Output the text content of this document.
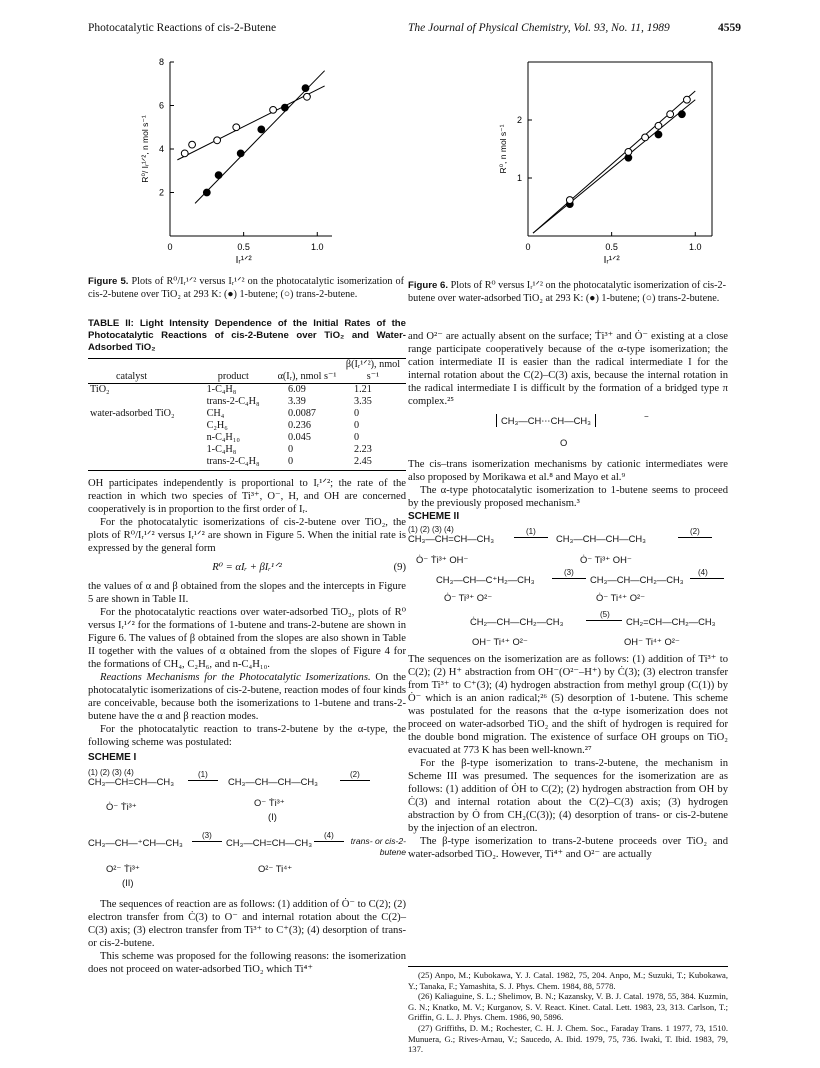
Photocatalytic Reactions of cis-2-Butene	The Journal of Physical Chemistry, Vol. 93, No. 11, 1989	4559
8
6
4
2
0	0.5	1.0
R⁰/ Iᵣ¹ᐟ², n mol s⁻¹
Iᵣ¹ᐟ²
Figure 5. Plots of R⁰/Iᵣ¹ᐟ² versus Iᵣ¹ᐟ² on the photocatalytic isomerization of cis-2-butene over TiO₂ at 293 K: (●) 1-butene; (○) trans-2-butene.
2
1
0	0.5	1.0
R⁰, n mol s⁻¹
Iᵣ¹ᐟ²
Figure 6. Plots of R⁰ versus Iᵣ¹ᐟ² on the photocatalytic isomerization of cis-2-butene over water-adsorbed TiO₂ at 293 K: (●) 1-butene; (○) trans-2-butene.
TABLE II: Light Intensity Dependence of the Initial Rates of the Photocatalytic Reactions of cis-2-Butene over TiO₂ and Water-Adsorbed TiO₂
catalyst	product	α(Iᵣ), nmol s⁻¹	β(Iᵣ¹ᐟ²), nmol s⁻¹
TiO₂	1-C₄H₈	6.09	1.21
	trans-2-C₄H₈	3.39	3.35
water-adsorbed TiO₂	CH₄	0.0087	0
	C₂H₆	0.236	0
	n-C₄H₁₀	0.045	0
	1-C₄H₈	0	2.23
	trans-2-C₄H₈	0	2.45

OH participates independently is proportional to Iᵣ¹ᐟ²; the rate of the reaction in which two species of Ti³⁺, O⁻, H, and OH are concerned cooperatively is in proportion to the first order of Iᵣ.

For the photocatalytic isomerizations of cis-2-butene over TiO₂, the plots of R⁰/Iᵣ¹ᐟ² versus Iᵣ¹ᐟ² are shown in Figure 5. When the initial rate is expressed by the general form

R⁰ = αIᵣ + βIᵣ¹ᐟ²	(9)

the values of α and β obtained from the slopes and the intercepts in Figure 5 are shown in Table II.

For the photocatalytic reactions over water-adsorbed TiO₂, plots of R⁰ versus Iᵣ¹ᐟ² for the formations of 1-butene and trans-2-butene are shown in Figure 6. The values of β obtained from the slopes are also shown in Table II together with the values of α obtained from the slopes of Figure 4 for the formations of CH₄, C₂H₆, and n-C₄H₁₀.

Reactions Mechanisms for the Photocatalytic Isomerizations. On the photocatalytic isomerizations of cis-2-butene, reaction modes of four kinds are conceivable, because both the isomerizations to 1-butene and trans-2-butene have the α and β reaction modes.

For the photocatalytic reaction to trans-2-butene by the α-type, the following scheme was postulated:

SCHEME I
(1) (2) (3) (4)
CH₃—CH=CH—CH₃
(1)
CH₃—CH—CH—CH₃
(2)
Ȯ⁻ Ṫi³⁺	O⁻ Ṫi³⁺
(I)
CH₃—CH—⁺CH—CH₃
(3)
CH₃—CH=CH—CH₃
(4)
trans- or cis-2-butene
O²⁻ Ṫi³⁺	O²⁻ Ti⁴⁺
(II)

The sequences of reaction are as follows: (1) addition of Ȯ⁻ to C(2); (2) electron transfer from Ċ(3) to O⁻ and internal rotation about the C(2)–C(3) axis; (3) electron transfer from Ti³⁺ to C⁺(3); (4) desorption of trans- or cis-2-butene.

This scheme was proposed for the following reasons: the isomerization does not proceed on water-adsorbed TiO₂ which Ti⁴⁺

and O²⁻ are actually absent on the surface; Ṫi³⁺ and Ȯ⁻ existing at a close range participate cooperatively because of the α-type isomerization; the cation intermediate II is easier than the radical intermediate I for the internal rotation about the C(2)–C(3) axis, because the internal rotation in the radical intermediate I is difficult by the formation of a bridged type π complex.²⁵

CH₃—CH⋯CH—CH₃	−
O

The cis–trans isomerization mechanisms by cationic intermediates were also proposed by Morikawa et al.⁸ and Mayo et al.⁹

The α-type photocatalytic isomerization to 1-butene seems to proceed by the previously proposed mechanism.³

SCHEME II
(1) (2) (3) (4)
CH₃—CH=CH—CH₃
(1)
CH₃—CH—CH—CH₃
(2)
Ȯ⁻ Ṫi³⁺ OH⁻	Ȯ⁻ Ti³⁺ OH⁻
CH₃—CH—C⁺H₂—CH₃
(3)
CH₃—CH—CH₂—CH₃
(4)
Ȯ⁻ Ti³⁺ O²⁻	Ȯ⁻ Ti⁴⁺ O²⁻
ĊH₂—CH—CH₂—CH₃
(5)
CH₂=CH—CH₂—CH₃
OH⁻ Ti⁴⁺ O²⁻	OH⁻ Ti⁴⁺ O²⁻

The sequences on the isomerization are as follows: (1) addition of Ti³⁺ to C(2); (2) H⁺ abstraction from OH⁻(O²⁻–H⁺) by Ċ(3); (3) electron transfer from Ti³⁺ to C⁺(3); (4) hydrogen abstraction from methyl group (C(1)) by Ȯ⁻ which is an anion radical;²⁶ (5) desorption of 1-butene. This scheme was postulated for the reasons that the α-type isomerization does not proceed on water-adsorbed TiO₂ and the shift of hydrogen is required for the double bond migration. The existence of surface OH groups on TiO₂ evacuated at 773 K has been well-known.²⁷

For the β-type isomerization to trans-2-butene, the mechanism in Scheme III was presumed. The sequences for the isomerization are as follows: (1) addition of ȮH to C(2); (2) hydrogen abstraction from OH by Ċ(3) and internal rotation about the C(2)–C(3) axis; (3) hydrogen abstraction by Ȯ from CH₂(C(3)); (4) desorption of trans- or cis-2-butene by the injection of an electron.

The β-type isomerization to trans-2-butene proceeds over TiO₂ and water-adsorbed TiO₂. However, Ti⁴⁺ and O²⁻ are actually

(25) Anpo, M.; Kubokawa, Y. J. Catal. 1982, 75, 204. Anpo, M.; Suzuki, T.; Kubokawa, Y.; Tanaka, F.; Yamashita, S. J. Phys. Chem. 1984, 88, 5778.
(26) Kaliaguine, S. L.; Shelimov, B. N.; Kazansky, V. B. J. Catal. 1978, 55, 384. Kuzmin, G. N.; Knatko, M. V.; Kurganov, S. V. React. Kinet. Catal. Lett. 1983, 23, 313. Carlson, T.; Griffin, G. L. J. Phys. Chem. 1986, 90, 5896.
(27) Griffiths, D. M.; Rochester, C. H. J. Chem. Soc., Faraday Trans. 1 1977, 73, 1510. Munuera, G.; Rives-Arnau, V.; Saucedo, A. Ibid. 1979, 75, 736. Iwaki, T. Ibid. 1983, 79, 137.
